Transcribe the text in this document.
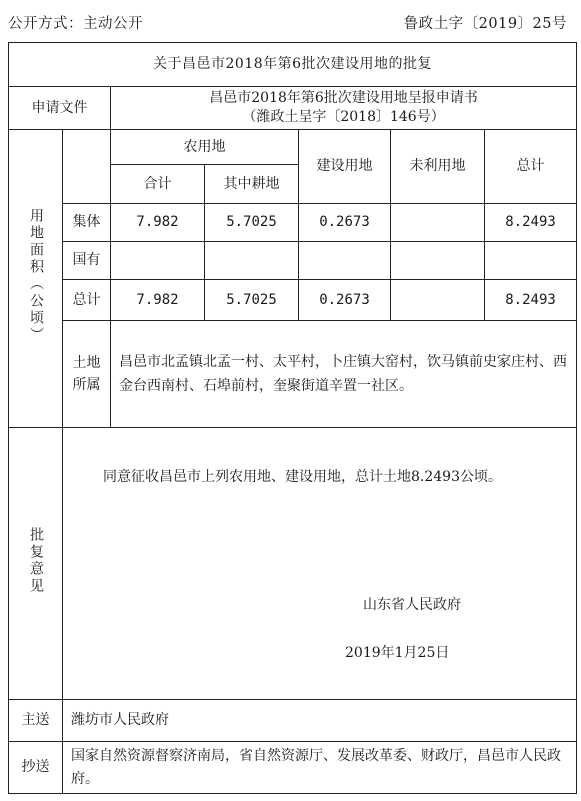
公开方式：主动公开	鲁政土字〔2019〕25号
关于昌邑市2018年第6批次建设用地的批复						
申请文件		昌邑市2018年第6批次建设用地呈报申请书
（潍政土呈字〔2018〕146号）				

用地面积（公顷）		农用地		建设用地	未利用地	总计
		合计	其中耕地			
	集体	7.982	5.7025	0.2673		8.2493
	国有					
	总计	7.982	5.7025	0.2673		8.2493

	土地所属	昌邑市北孟镇北孟一村、太平村，卜庄镇大窑村，饮马镇前史家庄村、西金台西南村、石埠前村，奎聚街道辛置一社区。				
批复意见	同意征收昌邑市上列农用地、建设用地，总计土地8.2493公顷。
山东省人民政府
2019年1月25日					

主送	潍坊市人民政府					
抄送	国家自然资源督察济南局，省自然资源厅、发展改革委、财政厅，昌邑市人民政府。					
